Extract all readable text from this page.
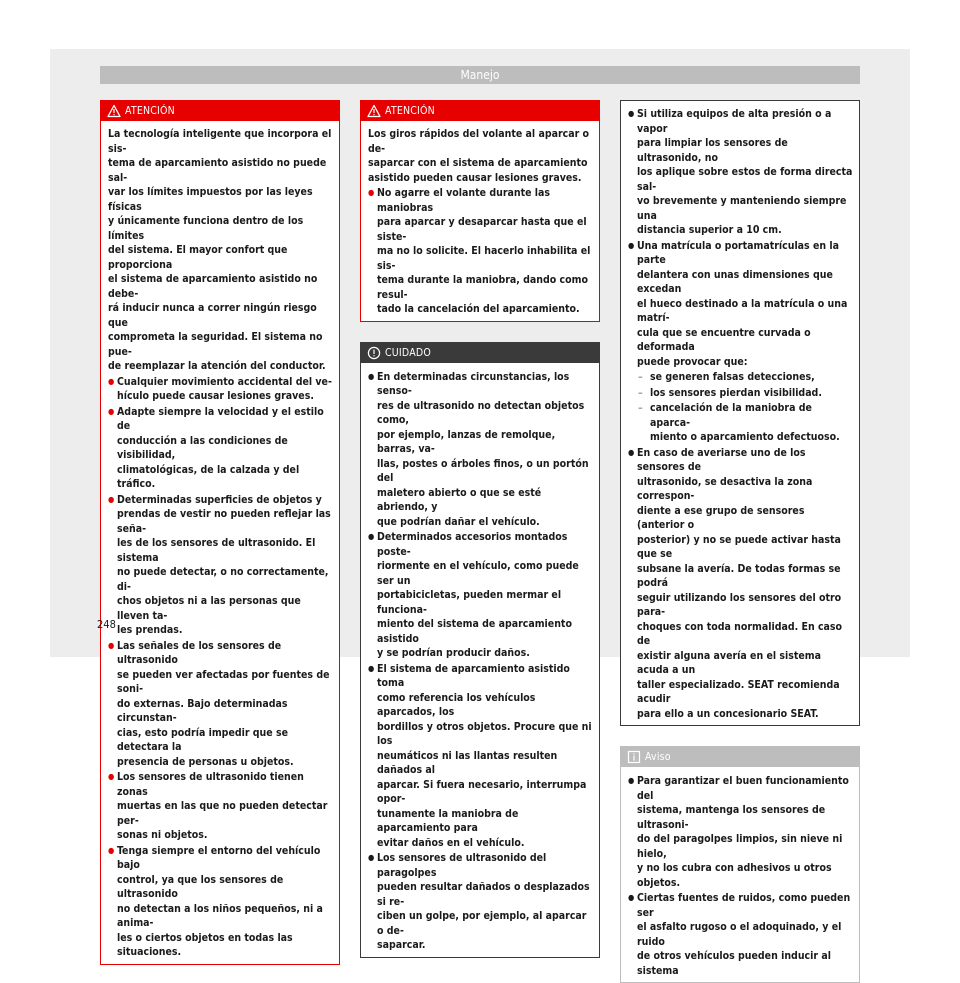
Manejo
ATENCIÓN
La tecnología inteligente que incorpora el sis-
tema de aparcamiento asistido no puede sal-
var los límites impuestos por las leyes físicas
y únicamente funciona dentro de los límites
del sistema. El mayor confort que proporciona
el sistema de aparcamiento asistido no debe-
rá inducir nunca a correr ningún riesgo que
comprometa la seguridad. El sistema no pue-
de reemplazar la atención del conductor.
● Cualquier movimiento accidental del ve-
hículo puede causar lesiones graves.
● Adapte siempre la velocidad y el estilo de
conducción a las condiciones de visibilidad,
climatológicas, de la calzada y del tráfico.
● Determinadas superficies de objetos y
prendas de vestir no pueden reflejar las seña-
les de los sensores de ultrasonido. El sistema
no puede detectar, o no correctamente, di-
chos objetos ni a las personas que lleven ta-
les prendas.
● Las señales de los sensores de ultrasonido
se pueden ver afectadas por fuentes de soni-
do externas. Bajo determinadas circunstan-
cias, esto podría impedir que se detectara la
presencia de personas u objetos.
● Los sensores de ultrasonido tienen zonas
muertas en las que no pueden detectar per-
sonas ni objetos.
● Tenga siempre el entorno del vehículo bajo
control, ya que los sensores de ultrasonido
no detectan a los niños pequeños, ni a anima-
les o ciertos objetos en todas las situaciones.
ATENCIÓN
Los giros rápidos del volante al aparcar o de-
saparcar con el sistema de aparcamiento
asistido pueden causar lesiones graves.
● No agarre el volante durante las maniobras
para aparcar y desaparcar hasta que el siste-
ma no lo solicite. El hacerlo inhabilita el sis-
tema durante la maniobra, dando como resul-
tado la cancelación del aparcamiento.
CUIDADO
● En determinadas circunstancias, los senso-
res de ultrasonido no detectan objetos como,
por ejemplo, lanzas de remolque, barras, va-
llas, postes o árboles finos, o un portón del
maletero abierto o que se esté abriendo, y
que podrían dañar el vehículo.
● Determinados accesorios montados poste-
riormente en el vehículo, como puede ser un
portabicicletas, pueden mermar el funciona-
miento del sistema de aparcamiento asistido
y se podrían producir daños.
● El sistema de aparcamiento asistido toma
como referencia los vehículos aparcados, los
bordillos y otros objetos. Procure que ni los
neumáticos ni las llantas resulten dañados al
aparcar. Si fuera necesario, interrumpa opor-
tunamente la maniobra de aparcamiento para
evitar daños en el vehículo.
● Los sensores de ultrasonido del paragolpes
pueden resultar dañados o desplazados si re-
ciben un golpe, por ejemplo, al aparcar o de-
saparcar.
● Si utiliza equipos de alta presión o a vapor
para limpiar los sensores de ultrasonido, no
los aplique sobre estos de forma directa sal-
vo brevemente y manteniendo siempre una
distancia superior a 10 cm.
● Una matrícula o portamatrículas en la parte
delantera con unas dimensiones que excedan
el hueco destinado a la matrícula o una matrí-
cula que se encuentre curvada o deformada
puede provocar que:
– se generen falsas detecciones,
– los sensores pierdan visibilidad.
– cancelación de la maniobra de aparca-
miento o aparcamiento defectuoso.
● En caso de averiarse uno de los sensores de
ultrasonido, se desactiva la zona correspon-
diente a ese grupo de sensores (anterior o
posterior) y no se puede activar hasta que se
subsane la avería. De todas formas se podrá
seguir utilizando los sensores del otro para-
choques con toda normalidad. En caso de
existir alguna avería en el sistema acuda a un
taller especializado. SEAT recomienda acudir
para ello a un concesionario SEAT.
Aviso
● Para garantizar el buen funcionamiento del
sistema, mantenga los sensores de ultrasoni-
do del paragolpes limpios, sin nieve ni hielo,
y no los cubra con adhesivos u otros objetos.
● Ciertas fuentes de ruidos, como pueden ser
el asfalto rugoso o el adoquinado, y el ruido
de otros vehículos pueden inducir al sistema
248
